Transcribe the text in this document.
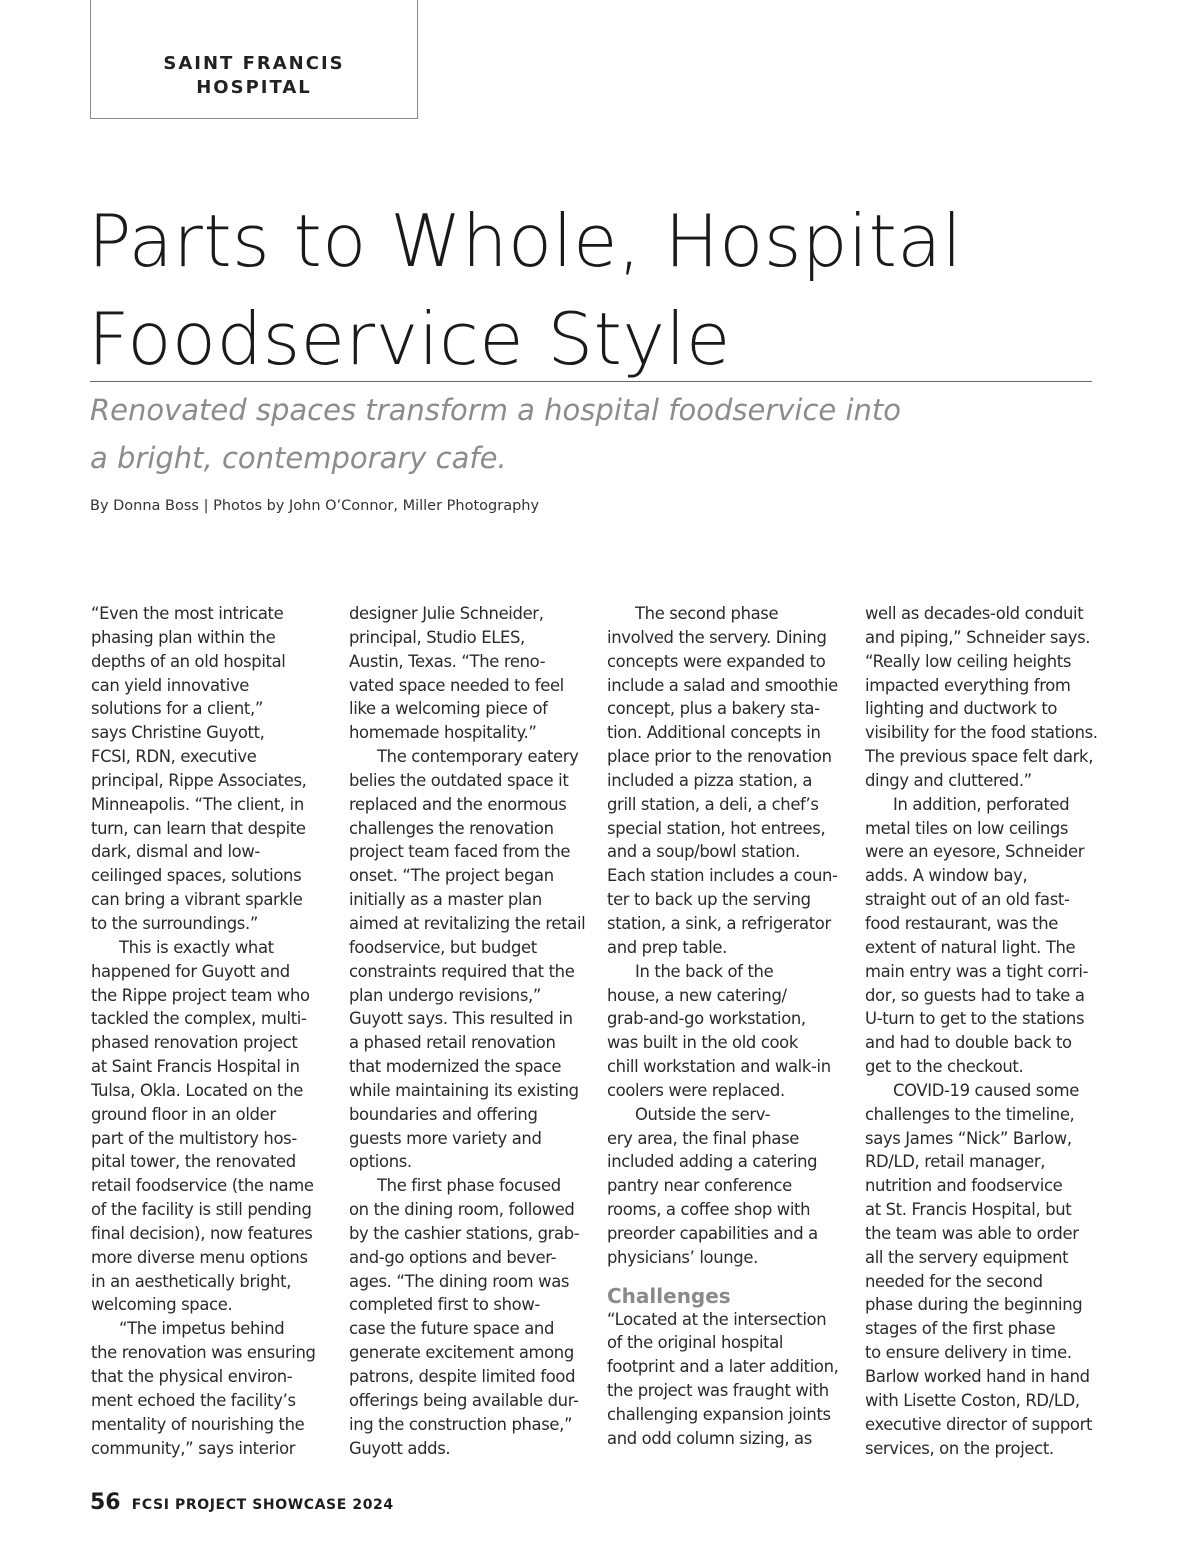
SAINT FRANCIS
HOSPITAL
Parts to Whole, Hospital
Foodservice Style

Renovated spaces transform a hospital foodservice into
a bright, contemporary cafe.

By Donna Boss | Photos by John O’Connor, Miller Photography

“Even the most intricate
phasing plan within the
depths of an old hospital
can yield innovative
solutions for a client,”
says Christine Guyott,
FCSI, RDN, executive
principal, Rippe Associates,
Minneapolis. “The client, in
turn, can learn that despite
dark, dismal and low-
ceilinged spaces, solutions
can bring a vibrant sparkle
to the surroundings.”
This is exactly what
happened for Guyott and
the Rippe project team who
tackled the complex, multi-
phased renovation project
at Saint Francis Hospital in
Tulsa, Okla. Located on the
ground floor in an older
part of the multistory hos-
pital tower, the renovated
retail foodservice (the name
of the facility is still pending
final decision), now features
more diverse menu options
in an aesthetically bright,
welcoming space.
“The impetus behind
the renovation was ensuring
that the physical environ-
ment echoed the facility’s
mentality of nourishing the
community,” says interior
designer Julie Schneider,
principal, Studio ELES,
Austin, Texas. “The reno-
vated space needed to feel
like a welcoming piece of
homemade hospitality.”
The contemporary eatery
belies the outdated space it
replaced and the enormous
challenges the renovation
project team faced from the
onset. “The project began
initially as a master plan
aimed at revitalizing the retail
foodservice, but budget
constraints required that the
plan undergo revisions,”
Guyott says. This resulted in
a phased retail renovation
that modernized the space
while maintaining its existing
boundaries and offering
guests more variety and
options.
The first phase focused
on the dining room, followed
by the cashier stations, grab-
and-go options and bever-
ages. “The dining room was
completed first to show-
case the future space and
generate excitement among
patrons, despite limited food
offerings being available dur-
ing the construction phase,”
Guyott adds.
The second phase
involved the servery. Dining
concepts were expanded to
include a salad and smoothie
concept, plus a bakery sta-
tion. Additional concepts in
place prior to the renovation
included a pizza station, a
grill station, a deli, a chef’s
special station, hot entrees,
and a soup/bowl station.
Each station includes a coun-
ter to back up the serving
station, a sink, a refrigerator
and prep table.
In the back of the
house, a new catering/
grab-and-go workstation,
was built in the old cook
chill workstation and walk-in
coolers were replaced.
Outside the serv-
ery area, the final phase
included adding a catering
pantry near conference
rooms, a coffee shop with
preorder capabilities and a
physicians’ lounge.
Challenges
“Located at the intersection
of the original hospital
footprint and a later addition,
the project was fraught with
challenging expansion joints
and odd column sizing, as
well as decades-old conduit
and piping,” Schneider says.
“Really low ceiling heights
impacted everything from
lighting and ductwork to
visibility for the food stations.
The previous space felt dark,
dingy and cluttered.”
In addition, perforated
metal tiles on low ceilings
were an eyesore, Schneider
adds. A window bay,
straight out of an old fast-
food restaurant, was the
extent of natural light. The
main entry was a tight corri-
dor, so guests had to take a
U-turn to get to the stations
and had to double back to
get to the checkout.
COVID-19 caused some
challenges to the timeline,
says James “Nick” Barlow,
RD/LD, retail manager,
nutrition and foodservice
at St. Francis Hospital, but
the team was able to order
all the servery equipment
needed for the second
phase during the beginning
stages of the first phase
to ensure delivery in time.
Barlow worked hand in hand
with Lisette Coston, RD/LD,
executive director of support
services, on the project.

56 FCSI PROJECT SHOWCASE 2024
